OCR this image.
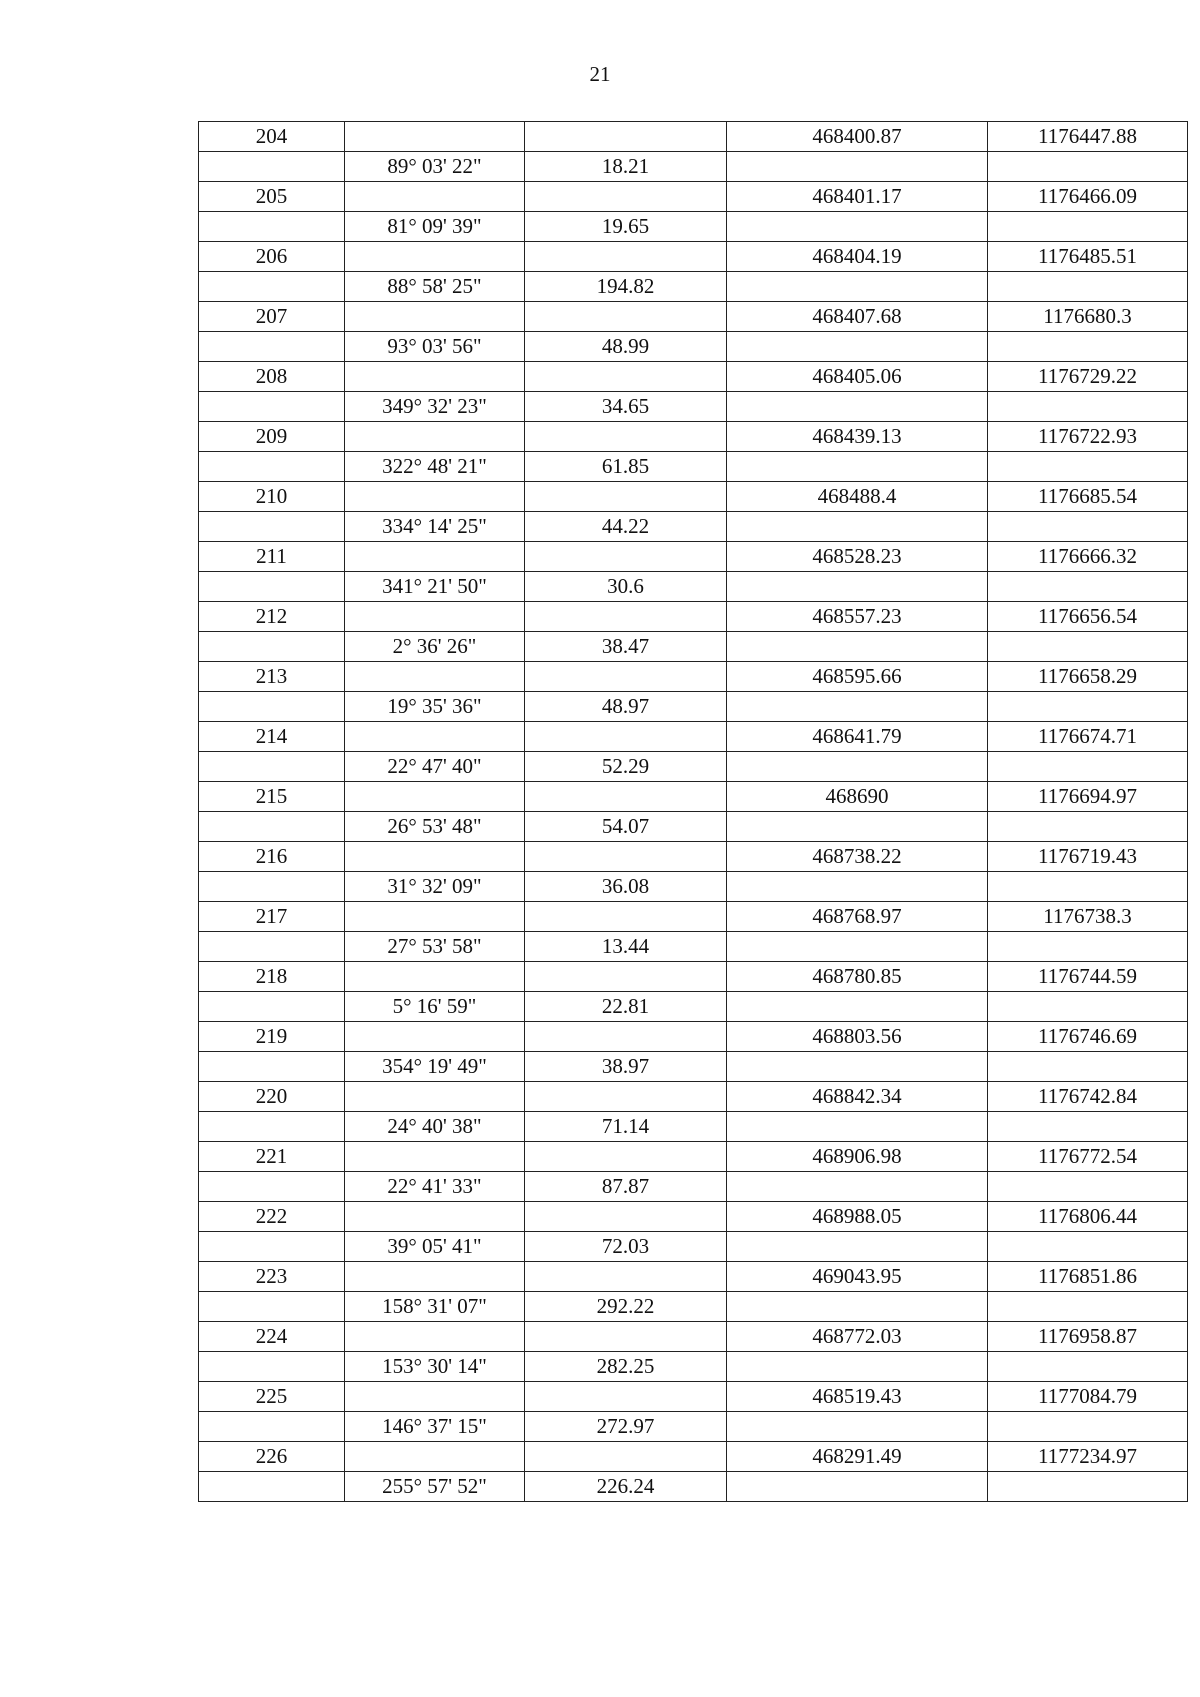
21
204			468400.87	1176447.88
	89° 03' 22"	18.21		
205			468401.17	1176466.09
	81° 09' 39"	19.65		
206			468404.19	1176485.51
	88° 58' 25"	194.82		
207			468407.68	1176680.3
	93° 03' 56"	48.99		
208			468405.06	1176729.22
	349° 32' 23"	34.65		
209			468439.13	1176722.93
	322° 48' 21"	61.85		
210			468488.4	1176685.54
	334° 14' 25"	44.22		
211			468528.23	1176666.32
	341° 21' 50"	30.6		
212			468557.23	1176656.54
	2° 36' 26"	38.47		
213			468595.66	1176658.29
	19° 35' 36"	48.97		
214			468641.79	1176674.71
	22° 47' 40"	52.29		
215			468690	1176694.97
	26° 53' 48"	54.07		
216			468738.22	1176719.43
	31° 32' 09"	36.08		
217			468768.97	1176738.3
	27° 53' 58"	13.44		
218			468780.85	1176744.59
	5° 16' 59"	22.81		
219			468803.56	1176746.69
	354° 19' 49"	38.97		
220			468842.34	1176742.84
	24° 40' 38"	71.14		
221			468906.98	1176772.54
	22° 41' 33"	87.87		
222			468988.05	1176806.44
	39° 05' 41"	72.03		
223			469043.95	1176851.86
	158° 31' 07"	292.22		
224			468772.03	1176958.87
	153° 30' 14"	282.25		
225			468519.43	1177084.79
	146° 37' 15"	272.97		
226			468291.49	1177234.97
	255° 57' 52"	226.24		
